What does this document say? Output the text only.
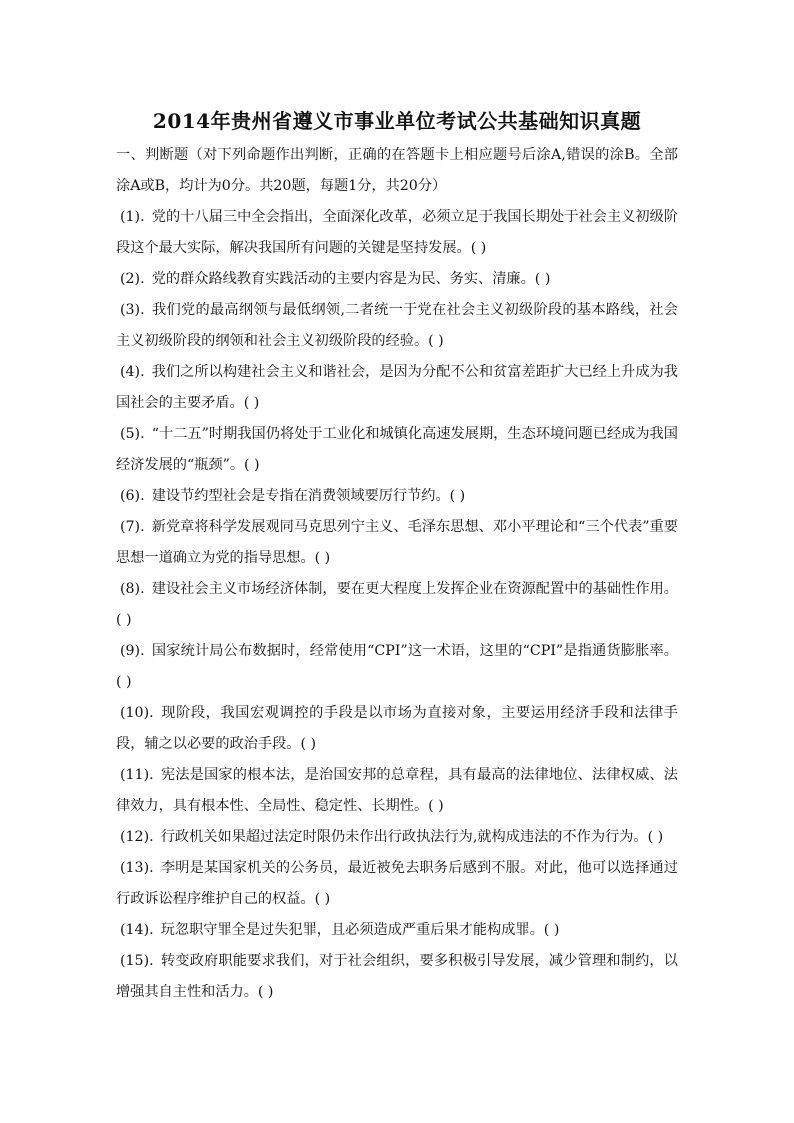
2014年贵州省遵义市事业单位考试公共基础知识真题

一、判断题（对下列命题作出判断，正确的在答题卡上相应题号后涂A,错误的涂B。全部涂A或B，均计为0分。共20题，每题1分，共20分）

(1).  党的十八届三中全会指出，全面深化改革，必须立足于我国长期处于社会主义初级阶段这个最大实际，解决我国所有问题的关键是坚持发展。( )

(2).  党的群众路线教育实践活动的主要内容是为民、务实、清廉。( )

(3).  我们党的最高纲领与最低纲领,二者统一于党在社会主义初级阶段的基本路线，社会主义初级阶段的纲领和社会主义初级阶段的经验。( )

(4).  我们之所以构建社会主义和谐社会，是因为分配不公和贫富差距扩大已经上升成为我国社会的主要矛盾。( )

(5).  “十二五”时期我国仍将处于工业化和城镇化高速发展期，生态环境问题已经成为我国经济发展的“瓶颈”。( )

(6).  建设节约型社会是专指在消费领域要厉行节约。( )

(7).  新党章将科学发展观同马克思列宁主义、毛泽东思想、邓小平理论和“三个代表”重要思想一道确立为党的指导思想。( )

(8).  建设社会主义市场经济体制，要在更大程度上发挥企业在资源配置中的基础性作用。( )

(9).  国家统计局公布数据时，经常使用“CPI”这一术语，这里的“CPI”是指通货膨胀率。( )

(10).  现阶段，我国宏观调控的手段是以市场为直接对象，主要运用经济手段和法律手段，辅之以必要的政治手段。( )

(11).  宪法是国家的根本法，是治国安邦的总章程，具有最高的法律地位、法律权威、法律效力，具有根本性、全局性、稳定性、长期性。( )

(12).  行政机关如果超过法定时限仍未作出行政执法行为,就构成违法的不作为行为。( )

(13).  李明是某国家机关的公务员，最近被免去职务后感到不服。对此，他可以选择通过行政诉讼程序维护自己的权益。( )

(14).  玩忽职守罪全是过失犯罪，且必须造成严重后果才能构成罪。( )

(15).  转变政府职能要求我们，对于社会组织，要多积极引导发展，减少管理和制约，以增强其自主性和活力。( )
